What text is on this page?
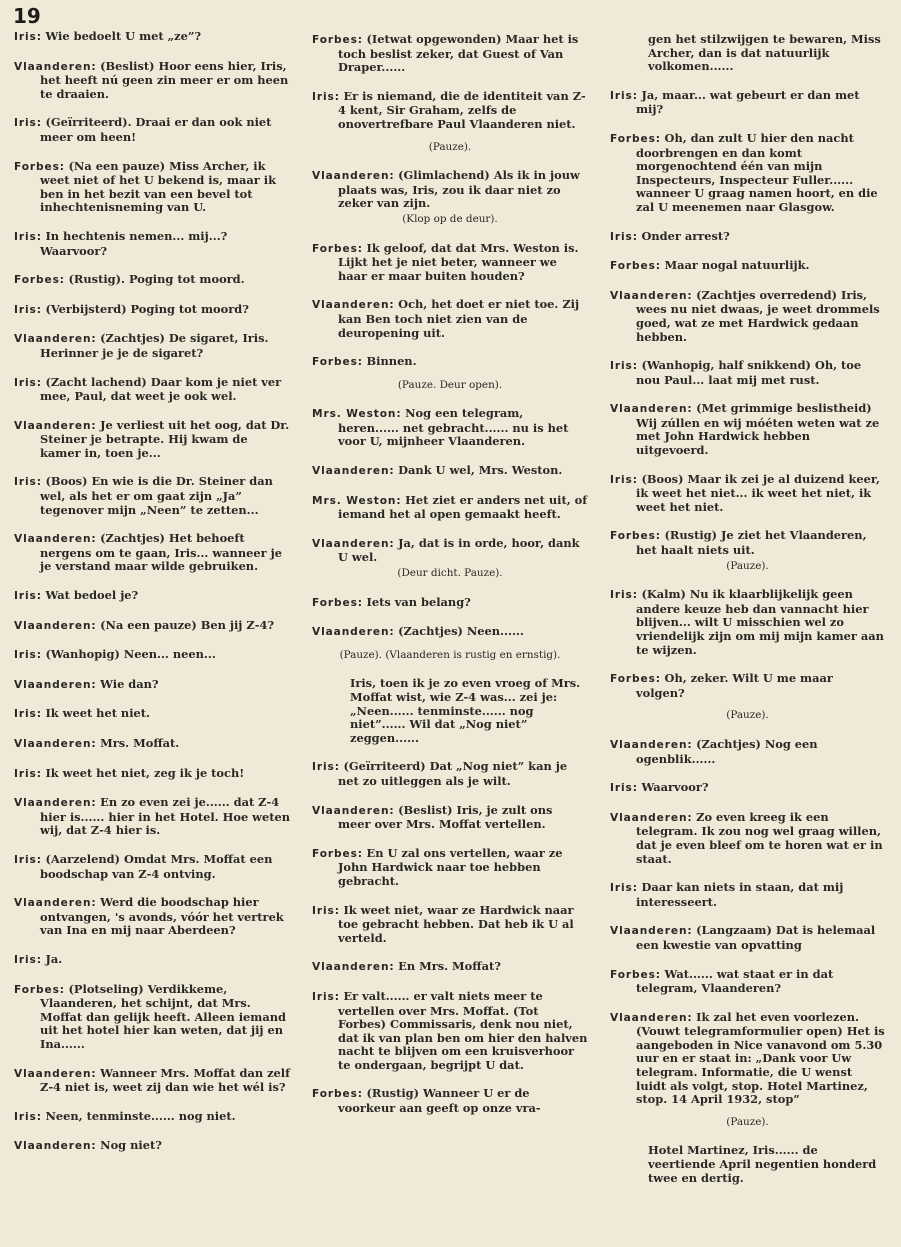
19
Iris: Wie bedoelt U met „ze”?
Vlaanderen: (Beslist) Hoor eens hier, Iris, het heeft nú geen zin meer er om heen te draaien.
Iris: (Geïrriteerd). Draai er dan ook niet meer om heen!
Forbes: (Na een pauze) Miss Archer, ik weet niet of het U bekend is, maar ik ben in het bezit van een bevel tot inhechtenisneming van U.
Iris: In hechtenis nemen... mij...? Waarvoor?
Forbes: (Rustig). Poging tot moord.
Iris: (Verbijsterd) Poging tot moord?
Vlaanderen: (Zachtjes) De sigaret, Iris. Herinner je je de sigaret?
Iris: (Zacht lachend) Daar kom je niet ver mee, Paul, dat weet je ook wel.
Vlaanderen: Je verliest uit het oog, dat Dr. Steiner je betrapte. Hij kwam de kamer in, toen je...
Iris: (Boos) En wie is die Dr. Steiner dan wel, als het er om gaat zijn „Ja” tegenover mijn „Neen” te zetten...
Vlaanderen: (Zachtjes) Het behoeft nergens om te gaan, Iris... wanneer je je verstand maar wilde gebruiken.
Iris: Wat bedoel je?
Vlaanderen: (Na een pauze) Ben jij Z-4?
Iris: (Wanhopig) Neen... neen...
Vlaanderen: Wie dan?
Iris: Ik weet het niet.
Vlaanderen: Mrs. Moffat.
Iris: Ik weet het niet, zeg ik je toch!
Vlaanderen: En zo even zei je...... dat Z-4 hier is...... hier in het Hotel. Hoe weten wij, dat Z-4 hier is.
Iris: (Aarzelend) Omdat Mrs. Moffat een boodschap van Z-4 ontving.
Vlaanderen: Werd die boodschap hier ontvangen, 's avonds, vóór het vertrek van Ina en mij naar Aberdeen?
Iris: Ja.
Forbes: (Plotseling) Verdikkeme, Vlaanderen, het schijnt, dat Mrs. Moffat dan gelijk heeft. Alleen iemand uit het hotel hier kan weten, dat jij en Ina......
Vlaanderen: Wanneer Mrs. Moffat dan zelf Z-4 niet is, weet zij dan wie het wél is?
Iris: Neen, tenminste...... nog niet.
Vlaanderen: Nog niet?
Forbes: (Ietwat opgewonden) Maar het is toch beslist zeker, dat Guest of Van Draper......
Iris: Er is niemand, die de identiteit van Z-4 kent, Sir Graham, zelfs de onovertrefbare Paul Vlaanderen niet.
(Pauze).
Vlaanderen: (Glimlachend) Als ik in jouw plaats was, Iris, zou ik daar niet zo zeker van zijn.
(Klop op de deur).
Forbes: Ik geloof, dat dat Mrs. Weston is. Lijkt het je niet beter, wanneer we haar er maar buiten houden?
Vlaanderen: Och, het doet er niet toe. Zij kan Ben toch niet zien van de deuropening uit.
Forbes: Binnen.
(Pauze. Deur open).
Mrs. Weston: Nog een telegram, heren...... net gebracht...... nu is het voor U, mijnheer Vlaanderen.
Vlaanderen: Dank U wel, Mrs. Weston.
Mrs. Weston: Het ziet er anders net uit, of iemand het al open gemaakt heeft.
Vlaanderen: Ja, dat is in orde, hoor, dank U wel.
(Deur dicht. Pauze).
Forbes: Iets van belang?
Vlaanderen: (Zachtjes) Neen......
(Pauze). (Vlaanderen is rustig en ernstig).
Iris, toen ik je zo even vroeg of Mrs. Moffat wist, wie Z-4 was... zei je: „Neen...... tenminste...... nog niet”...... Wil dat „Nog niet” zeggen......
Iris: (Geïrriteerd) Dat „Nog niet” kan je net zo uitleggen als je wilt.
Vlaanderen: (Beslist) Iris, je zult ons meer over Mrs. Moffat vertellen.
Forbes: En U zal ons vertellen, waar ze John Hardwick naar toe hebben gebracht.
Iris: Ik weet niet, waar ze Hardwick naar toe gebracht hebben. Dat heb ik U al verteld.
Vlaanderen: En Mrs. Moffat?
Iris: Er valt...... er valt niets meer te vertellen over Mrs. Moffat. (Tot Forbes) Commissaris, denk nou niet, dat ik van plan ben om hier den halven nacht te blijven om een kruisverhoor te ondergaan, begrijpt U dat.
Forbes: (Rustig) Wanneer U er de voorkeur aan geeft op onze vra-
gen het stilzwijgen te bewaren, Miss Archer, dan is dat natuurlijk volkomen......
Iris: Ja, maar... wat gebeurt er dan met mij?
Forbes: Oh, dan zult U hier den nacht doorbrengen en dan komt morgenochtend één van mijn Inspecteurs, Inspecteur Fuller...... wanneer U graag namen hoort, en die zal U meenemen naar Glasgow.
Iris: Onder arrest?
Forbes: Maar nogal natuurlijk.
Vlaanderen: (Zachtjes overredend) Iris, wees nu niet dwaas, je weet drommels goed, wat ze met Hardwick gedaan hebben.
Iris: (Wanhopig, half snikkend) Oh, toe nou Paul... laat mij met rust.
Vlaanderen: (Met grimmige beslistheid) Wij zúllen en wij móéten weten wat ze met John Hardwick hebben uitgevoerd.
Iris: (Boos) Maar ik zei je al duizend keer, ik weet het niet... ik weet het niet, ik weet het niet.
Forbes: (Rustig) Je ziet het Vlaanderen, het haalt niets uit.
(Pauze).
Iris: (Kalm) Nu ik klaarblijkelijk geen andere keuze heb dan vannacht hier blijven... wilt U misschien wel zo vriendelijk zijn om mij mijn kamer aan te wijzen.
Forbes: Oh, zeker. Wilt U me maar volgen?
(Pauze).
Vlaanderen: (Zachtjes) Nog een ogenblik......
Iris: Waarvoor?
Vlaanderen: Zo even kreeg ik een telegram. Ik zou nog wel graag willen, dat je even bleef om te horen wat er in staat.
Iris: Daar kan niets in staan, dat mij interesseert.
Vlaanderen: (Langzaam) Dat is helemaal een kwestie van opvatting
Forbes: Wat...... wat staat er in dat telegram, Vlaanderen?
Vlaanderen: Ik zal het even voorlezen. (Vouwt telegramformulier open) Het is aangeboden in Nice vanavond om 5.30 uur en er staat in: „Dank voor Uw telegram. Informatie, die U wenst luidt als volgt, stop. Hotel Martinez, stop. 14 April 1932, stop”
(Pauze).
Hotel Martinez, Iris...... de veertiende April negentien honderd twee en dertig.
